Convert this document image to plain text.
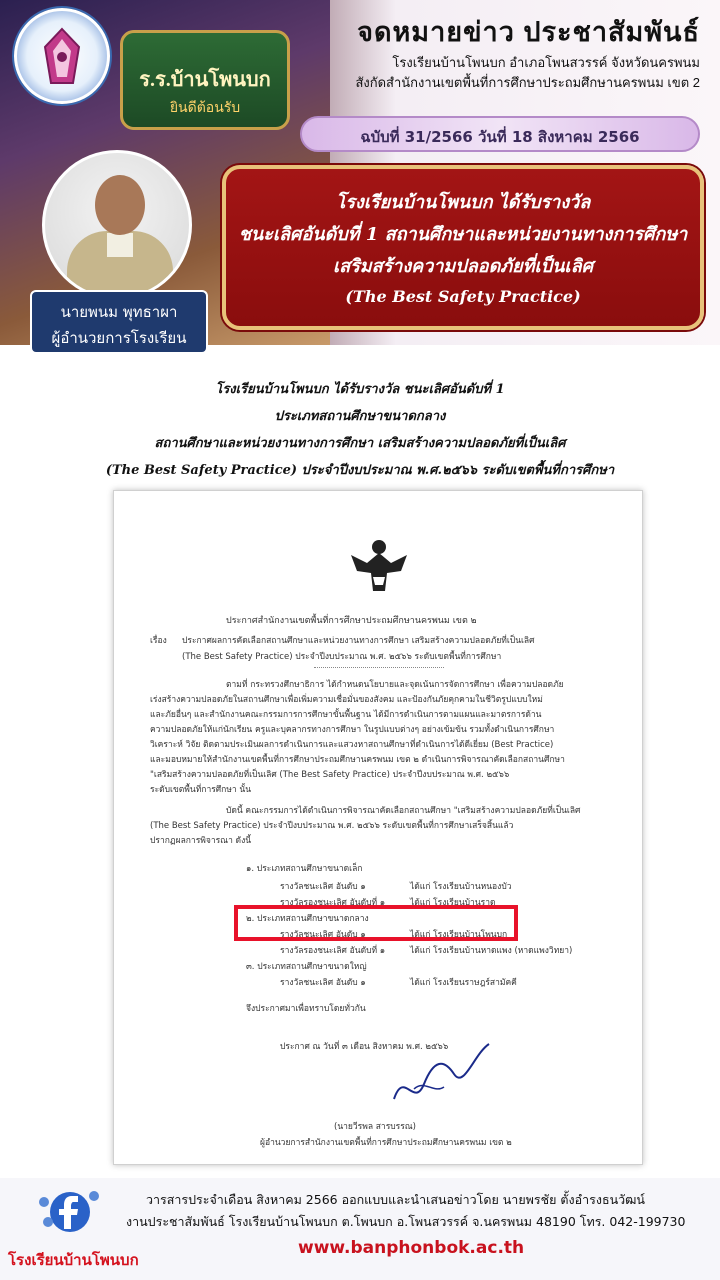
ร.ร.บ้านโพนบก
ยินดีต้อนรับ
จดหมายข่าว ประชาสัมพันธ์
โรงเรียนบ้านโพนบก อำเภอโพนสวรรค์ จังหวัดนครพนม
สังกัดสำนักงานเขตพื้นที่การศึกษาประถมศึกษานครพนม เขต 2
ฉบับที่ 31/2566 วันที่ 18 สิงหาคม 2566
โรงเรียนบ้านโพนบก ได้รับรางวัล
ชนะเลิศอันดับที่ 1 สถานศึกษาและหน่วยงานทางการศึกษา
เสริมสร้างความปลอดภัยที่เป็นเลิศ
(The Best Safety Practice)
นายพนม พุทธาผา
ผู้อำนวยการโรงเรียน
โรงเรียนบ้านโพนบก ได้รับรางวัล ชนะเลิศอันดับที่ 1
ประเภทสถานศึกษาขนาดกลาง
สถานศึกษาและหน่วยงานทางการศึกษา เสริมสร้างความปลอดภัยที่เป็นเลิศ
(The Best Safety Practice) ประจำปีงบประมาณ พ.ศ.๒๕๖๖ ระดับเขตพื้นที่การศึกษา
ประกาศสำนักงานเขตพื้นที่การศึกษาประถมศึกษานครพนม เขต ๒
เรื่อง ประกาศผลการคัดเลือกสถานศึกษาและหน่วยงานทางการศึกษา เสริมสร้างความปลอดภัยที่เป็นเลิศ
(The Best Safety Practice) ประจำปีงบประมาณ พ.ศ. ๒๕๖๖ ระดับเขตพื้นที่การศึกษา
ตามที่ กระทรวงศึกษาธิการ ได้กำหนดนโยบายและจุดเน้นการจัดการศึกษา เพื่อความปลอดภัย
เร่งสร้างความปลอดภัยในสถานศึกษาเพื่อเพิ่มความเชื่อมั่นของสังคม และป้องกันภัยคุกคามในชีวิตรูปแบบใหม่
และภัยอื่นๆ และสำนักงานคณะกรรมการการศึกษาขั้นพื้นฐาน ได้มีการดำเนินการตามแผนและมาตรการด้าน
ความปลอดภัยให้แก่นักเรียน ครูและบุคลากรทางการศึกษา ในรูปแบบต่างๆ อย่างเข้มข้น รวมทั้งดำเนินการศึกษา
วิเคราะห์ วิจัย ติดตามประเมินผลการดำเนินการและแสวงหาสถานศึกษาที่ดำเนินการได้ดีเยี่ยม (Best Practice)
และมอบหมายให้สำนักงานเขตพื้นที่การศึกษาประถมศึกษานครพนม เขต ๒ ดำเนินการพิจารณาคัดเลือกสถานศึกษา
"เสริมสร้างความปลอดภัยที่เป็นเลิศ (The Best Safety Practice) ประจำปีงบประมาณ พ.ศ. ๒๕๖๖
ระดับเขตพื้นที่การศึกษา นั้น
บัดนี้ คณะกรรมการได้ดำเนินการพิจารณาคัดเลือกสถานศึกษา "เสริมสร้างความปลอดภัยที่เป็นเลิศ
(The Best Safety Practice) ประจำปีงบประมาณ พ.ศ. ๒๕๖๖ ระดับเขตพื้นที่การศึกษาเสร็จสิ้นแล้ว
ปรากฏผลการพิจารณา ดังนี้
๑. ประเภทสถานศึกษาขนาดเล็ก
รางวัลชนะเลิศ อันดับ ๑	ได้แก่ โรงเรียนบ้านหนองบัว
รางวัลรองชนะเลิศ อันดับที่ ๑	ได้แก่ โรงเรียนบ้านราด
๒. ประเภทสถานศึกษาขนาดกลาง
รางวัลชนะเลิศ อันดับ ๑	ได้แก่ โรงเรียนบ้านโพนบก
รางวัลรองชนะเลิศ อันดับที่ ๑	ได้แก่ โรงเรียนบ้านหาดแพง (หาดแพงวิทยา)
๓. ประเภทสถานศึกษาขนาดใหญ่
รางวัลชนะเลิศ อันดับ ๑	ได้แก่ โรงเรียนราษฎร์สามัคคี
จึงประกาศมาเพื่อทราบโดยทั่วกัน
ประกาศ ณ วันที่ ๓ เดือน สิงหาคม พ.ศ. ๒๕๖๖
(นายวีรพล สารบรรณ)
ผู้อำนวยการสำนักงานเขตพื้นที่การศึกษาประถมศึกษานครพนม เขต ๒
โรงเรียนบ้านโพนบก
วารสารประจำเดือน สิงหาคม 2566 ออกแบบและนำเสนอข่าวโดย นายพรชัย ตั้งอำรงธนวัฒน์
งานประชาสัมพันธ์ โรงเรียนบ้านโพนบก ต.โพนบก อ.โพนสวรรค์ จ.นครพนม 48190 โทร. 042-199730
www.banphonbok.ac.th
